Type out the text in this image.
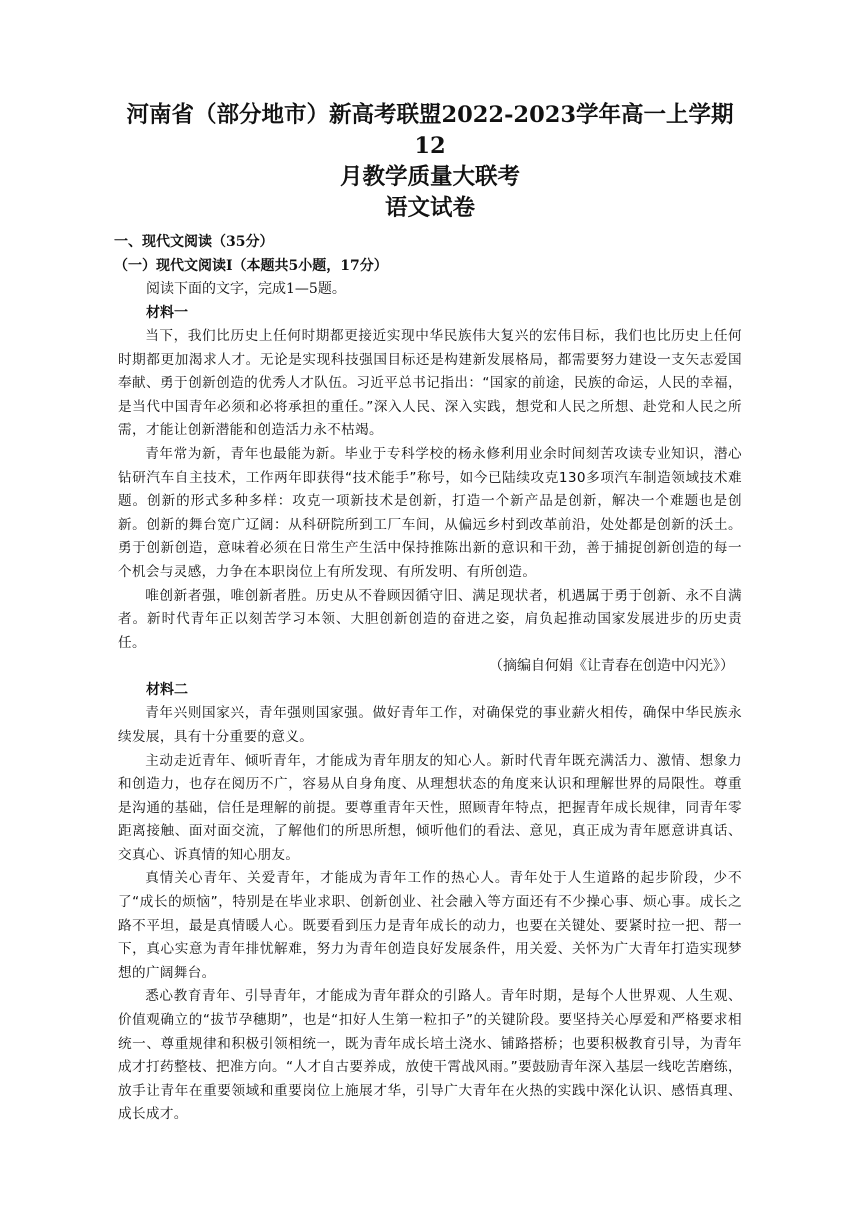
河南省（部分地市）新高考联盟2022-2023学年高一上学期12
月教学质量大联考
语文试卷
一、现代文阅读（35分）
（一）现代文阅读Ⅰ（本题共5小题，17分）

阅读下面的文字，完成1—5题。

材料一

当下，我们比历史上任何时期都更接近实现中华民族伟大复兴的宏伟目标，我们也比历史上任何时期都更加渴求人才。无论是实现科技强国目标还是构建新发展格局，都需要努力建设一支矢志爱国奉献、勇于创新创造的优秀人才队伍。习近平总书记指出：“国家的前途，民族的命运，人民的幸福，是当代中国青年必须和必将承担的重任。”深入人民、深入实践，想党和人民之所想、赴党和人民之所需，才能让创新潜能和创造活力永不枯竭。

青年常为新，青年也最能为新。毕业于专科学校的杨永修利用业余时间刻苦攻读专业知识，潜心钻研汽车自主技术，工作两年即获得“技术能手”称号，如今已陆续攻克130多项汽车制造领域技术难题。创新的形式多种多样：攻克一项新技术是创新，打造一个新产品是创新，解决一个难题也是创新。创新的舞台宽广辽阔：从科研院所到工厂车间，从偏远乡村到改革前沿，处处都是创新的沃土。勇于创新创造，意味着必须在日常生产生活中保持推陈出新的意识和干劲，善于捕捉创新创造的每一个机会与灵感，力争在本职岗位上有所发现、有所发明、有所创造。

唯创新者强，唯创新者胜。历史从不眷顾因循守旧、满足现状者，机遇属于勇于创新、永不自满者。新时代青年正以刻苦学习本领、大胆创新创造的奋进之姿，肩负起推动国家发展进步的历史责任。

（摘编自何娟《让青春在创造中闪光》）

材料二

青年兴则国家兴，青年强则国家强。做好青年工作，对确保党的事业薪火相传，确保中华民族永续发展，具有十分重要的意义。

主动走近青年、倾听青年，才能成为青年朋友的知心人。新时代青年既充满活力、激情、想象力和创造力，也存在阅历不广，容易从自身角度、从理想状态的角度来认识和理解世界的局限性。尊重是沟通的基础，信任是理解的前提。要尊重青年天性，照顾青年特点，把握青年成长规律，同青年零距离接触、面对面交流，了解他们的所思所想，倾听他们的看法、意见，真正成为青年愿意讲真话、交真心、诉真情的知心朋友。

真情关心青年、关爱青年，才能成为青年工作的热心人。青年处于人生道路的起步阶段，少不了“成长的烦恼”，特别是在毕业求职、创新创业、社会融入等方面还有不少操心事、烦心事。成长之路不平坦，最是真情暖人心。既要看到压力是青年成长的动力，也要在关键处、要紧时拉一把、帮一下，真心实意为青年排忧解难，努力为青年创造良好发展条件，用关爱、关怀为广大青年打造实现梦想的广阔舞台。

悉心教育青年、引导青年，才能成为青年群众的引路人。青年时期，是每个人世界观、人生观、价值观确立的“拔节孕穗期”，也是“扣好人生第一粒扣子”的关键阶段。要坚持关心厚爱和严格要求相统一、尊重规律和积极引领相统一，既为青年成长培土浇水、铺路搭桥；也要积极教育引导，为青年成才打药整枝、把准方向。“人才自古要养成，放使干霄战风雨。”要鼓励青年深入基层一线吃苦磨练，放手让青年在重要领域和重要岗位上施展才华，引导广大青年在火热的实践中深化认识、感悟真理、成长成才。
